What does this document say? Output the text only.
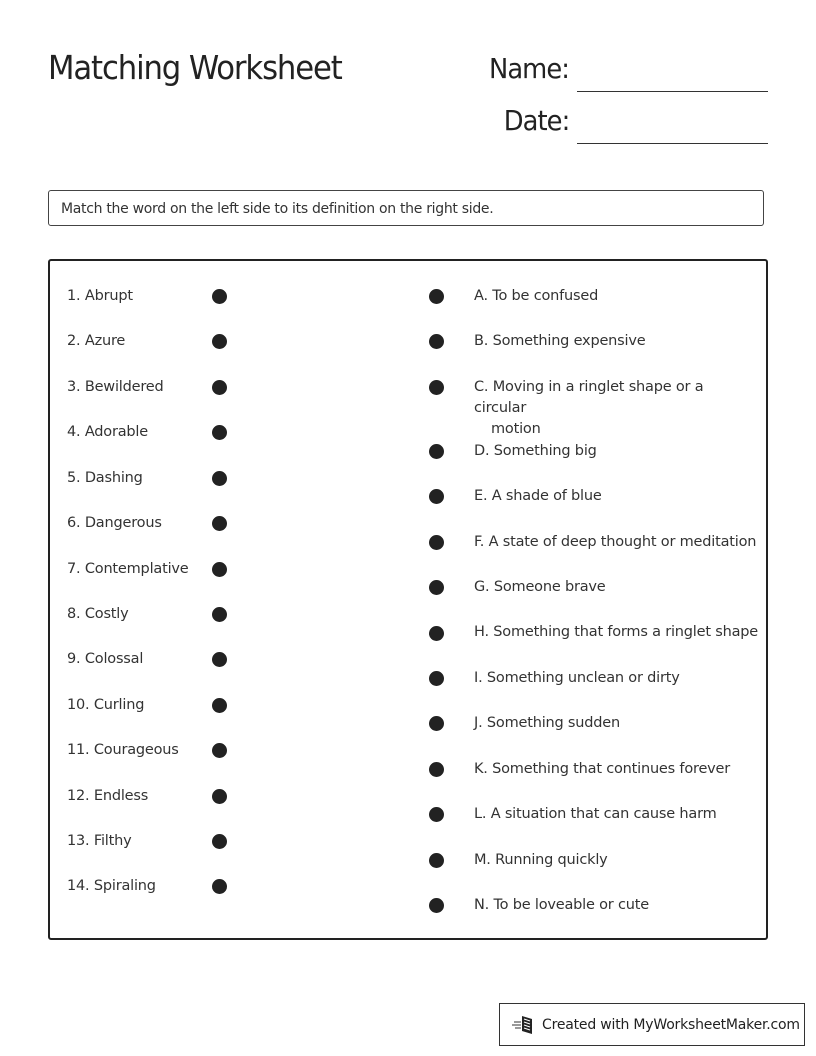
Matching Worksheet	Name:
Date:
Match the word on the left side to its definition on the right side.
1. Abrupt
2. Azure
3. Bewildered
4. Adorable
5. Dashing
6. Dangerous
7. Contemplative
8. Costly
9. Colossal
10. Curling
11. Courageous
12. Endless
13. Filthy
14. Spiraling
A. To be confused
B. Something expensive
C. Moving in a ringlet shape or a circular
motion
D. Something big
E. A shade of blue
F. A state of deep thought or meditation
G. Someone brave
H. Something that forms a ringlet shape
I. Something unclean or dirty
J. Something sudden
K. Something that continues forever
L. A situation that can cause harm
M. Running quickly
N. To be loveable or cute
Created with MyWorksheetMaker.com
